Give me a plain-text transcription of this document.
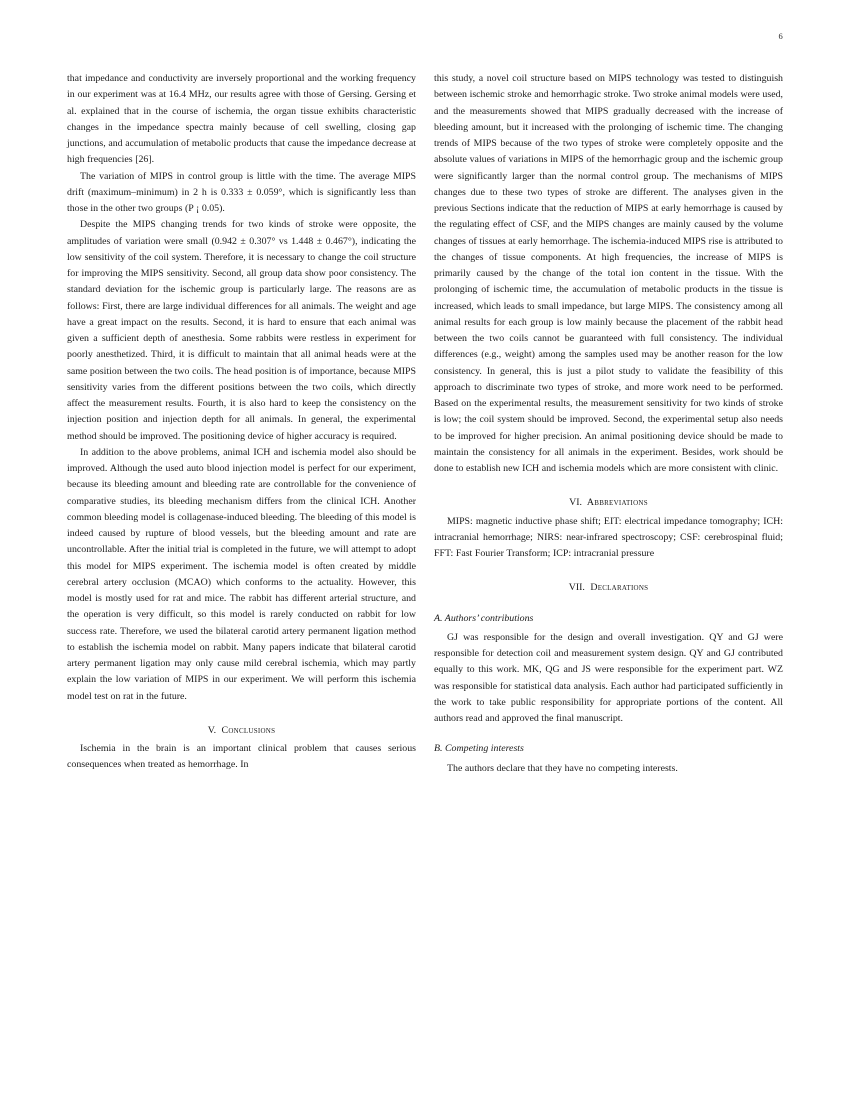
6

that impedance and conductivity are inversely proportional and the working frequency in our experiment was at 16.4 MHz, our results agree with those of Gersing. Gersing et al. explained that in the course of ischemia, the organ tissue exhibits characteristic changes in the impedance spectra mainly because of cell swelling, closing gap junctions, and accumulation of metabolic products that cause the impedance decrease at high frequencies [26].

The variation of MIPS in control group is little with the time. The average MIPS drift (maximum–minimum) in 2 h is 0.333 ± 0.059°, which is significantly less than those in the other two groups (P ¡ 0.05).

Despite the MIPS changing trends for two kinds of stroke were opposite, the amplitudes of variation were small (0.942 ± 0.307° vs 1.448 ± 0.467°), indicating the low sensitivity of the coil system. Therefore, it is necessary to change the coil structure for improving the MIPS sensitivity. Second, all group data show poor consistency. The standard deviation for the ischemic group is particularly large. The reasons are as follows: First, there are large individual differences for all animals. The weight and age have a great impact on the results. Second, it is hard to ensure that each animal was given a sufficient depth of anesthesia. Some rabbits were restless in experiment for poorly anesthetized. Third, it is difficult to maintain that all animal heads were at the same position between the two coils. The head position is of importance, because MIPS sensitivity varies from the different positions between the two coils, which directly affect the measurement results. Fourth, it is also hard to keep the consistency on the injection position and injection depth for all animals. In general, the experimental method should be improved. The positioning device of higher accuracy is required.

In addition to the above problems, animal ICH and ischemia model also should be improved. Although the used auto blood injection model is perfect for our experiment, because its bleeding amount and bleeding rate are controllable for the convenience of comparative studies, its bleeding mechanism differs from the clinical ICH. Another common bleeding model is collagenase-induced bleeding. The bleeding of this model is indeed caused by rupture of blood vessels, but the bleeding amount and rate are uncontrollable. After the initial trial is completed in the future, we will attempt to adopt this model for MIPS experiment. The ischemia model is often created by middle cerebral artery occlusion (MCAO) which conforms to the actuality. However, this model is mostly used for rat and mice. The rabbit has different arterial structure, and the operation is very difficult, so this model is rarely conducted on rabbit for low success rate. Therefore, we used the bilateral carotid artery permanent ligation method to establish the ischemia model on rabbit. Many papers indicate that bilateral carotid artery permanent ligation may only cause mild cerebral ischemia, which may partly explain the low variation of MIPS in our experiment. We will perform this ischemia model test on rat in the future.

V. Conclusions

Ischemia in the brain is an important clinical problem that causes serious consequences when treated as hemorrhage. In

this study, a novel coil structure based on MIPS technology was tested to distinguish between ischemic stroke and hemorrhagic stroke. Two stroke animal models were used, and the measurements showed that MIPS gradually decreased with the increase of bleeding amount, but it increased with the prolonging of ischemic time. The changing trends of MIPS because of the two types of stroke were completely opposite and the absolute values of variations in MIPS of the hemorrhagic group and the ischemic group were significantly larger than the normal control group. The mechanisms of MIPS changes due to these two types of stroke are different. The analyses given in the previous Sections indicate that the reduction of MIPS at early hemorrhage is caused by the regulating effect of CSF, and the MIPS changes are mainly caused by the volume changes of tissues at early hemorrhage. The ischemia-induced MIPS rise is attributed to the changes of tissue components. At high frequencies, the increase of MIPS is primarily caused by the change of the total ion content in the tissue. With the prolonging of ischemic time, the accumulation of metabolic products in the tissue is increased, which leads to small impedance, but large MIPS. The consistency among all animal results for each group is low mainly because the placement of the rabbit head between the two coils cannot be guaranteed with full consistency. The individual differences (e.g., weight) among the samples used may be another reason for the low consistency. In general, this is just a pilot study to validate the feasibility of this approach to discriminate two types of stroke, and more work need to be performed. Based on the experimental results, the measurement sensitivity for two kinds of stroke is low; the coil system should be improved. Second, the experimental setup also needs to be improved for higher precision. An animal positioning device should be made to maintain the consistency for all animals in the experiment. Besides, work should be done to establish new ICH and ischemia models which are more consistent with clinic.

VI. Abbreviations

MIPS: magnetic inductive phase shift; EIT: electrical impedance tomography; ICH: intracranial hemorrhage; NIRS: near-infrared spectroscopy; CSF: cerebrospinal fluid; FFT: Fast Fourier Transform; ICP: intracranial pressure

VII. Declarations
A. Authors’ contributions

GJ was responsible for the design and overall investigation. QY and GJ were responsible for detection coil and measurement system design. QY and GJ contributed equally to this work. MK, QG and JS were responsible for the experiment part. WZ was responsible for statistical data analysis. Each author had participated sufficiently in the work to take public responsibility for appropriate portions of the content. All authors read and approved the final manuscript.

B. Competing interests

The authors declare that they have no competing interests.
